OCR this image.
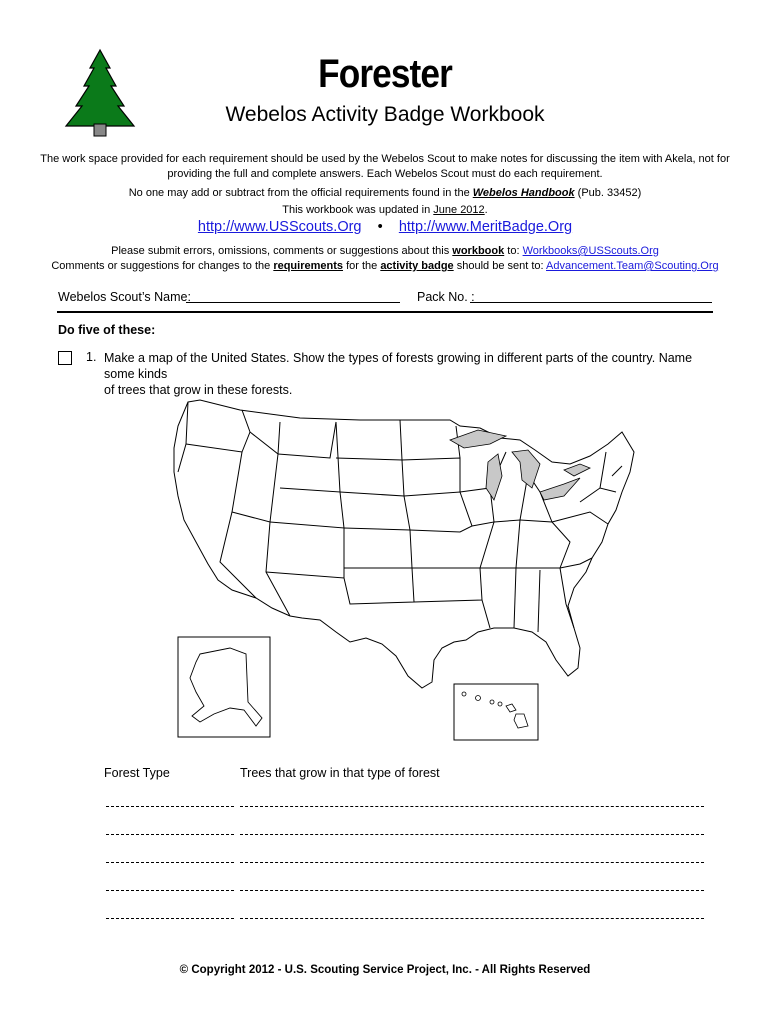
Forester
Webelos Activity Badge Workbook
The work space provided for each requirement should be used by the Webelos Scout to make notes for discussing the item with Akela, not for
providing the full and complete answers. Each Webelos Scout must do each requirement.
No one may add or subtract from the official requirements found in the Webelos Handbook (Pub. 33452)
This workbook was updated in June 2012.
http://www.USScouts.Org • http://www.MeritBadge.Org
Please submit errors, omissions, comments or suggestions about this workbook to: Workbooks@USScouts.Org
Comments or suggestions for changes to the requirements for the activity badge should be sent to: Advancement.Team@Scouting.Org
Webelos Scout’s Name:	Pack No. :
Do five of these:
1. Make a map of the United States. Show the types of forests growing in different parts of the country. Name some kinds
of trees that grow in these forests.
Forest Type	Trees that grow in that type of forest
© Copyright 2012 - U.S. Scouting Service Project, Inc. - All Rights Reserved
